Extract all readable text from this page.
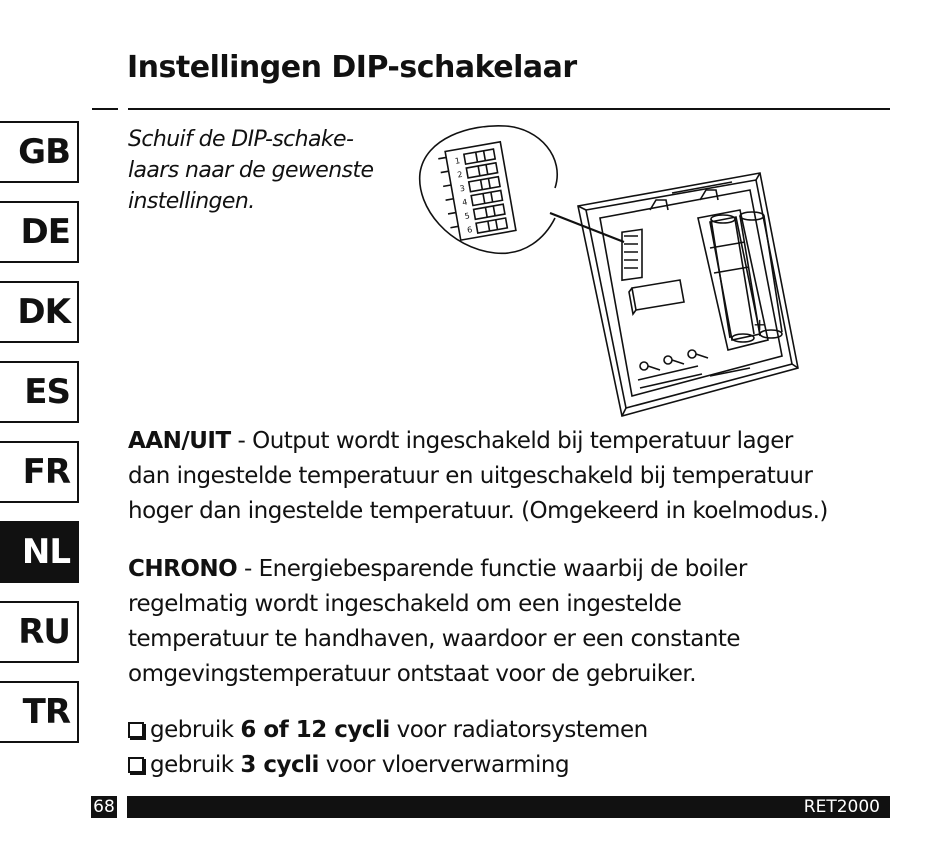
Instellingen DIP-schakelaar
GB
DE
DK
ES
FR
NL
RU
TR
Schuif de DIP-schake-
laars naar de gewenste
instellingen.
1
2
3
4
5
6
+
AAN/UIT - Output wordt ingeschakeld bij temperatuur lager
dan ingestelde temperatuur en uitgeschakeld bij temperatuur
hoger dan ingestelde temperatuur. (Omgekeerd in koelmodus.)
CHRONO - Energiebesparende functie waarbij de boiler
regelmatig wordt ingeschakeld om een ingestelde
temperatuur te handhaven, waardoor er een constante
omgevingstemperatuur ontstaat voor de gebruiker.
gebruik 6 of 12 cycli voor radiatorsystemen
gebruik 3 cycli voor vloerverwarming
68	RET2000
